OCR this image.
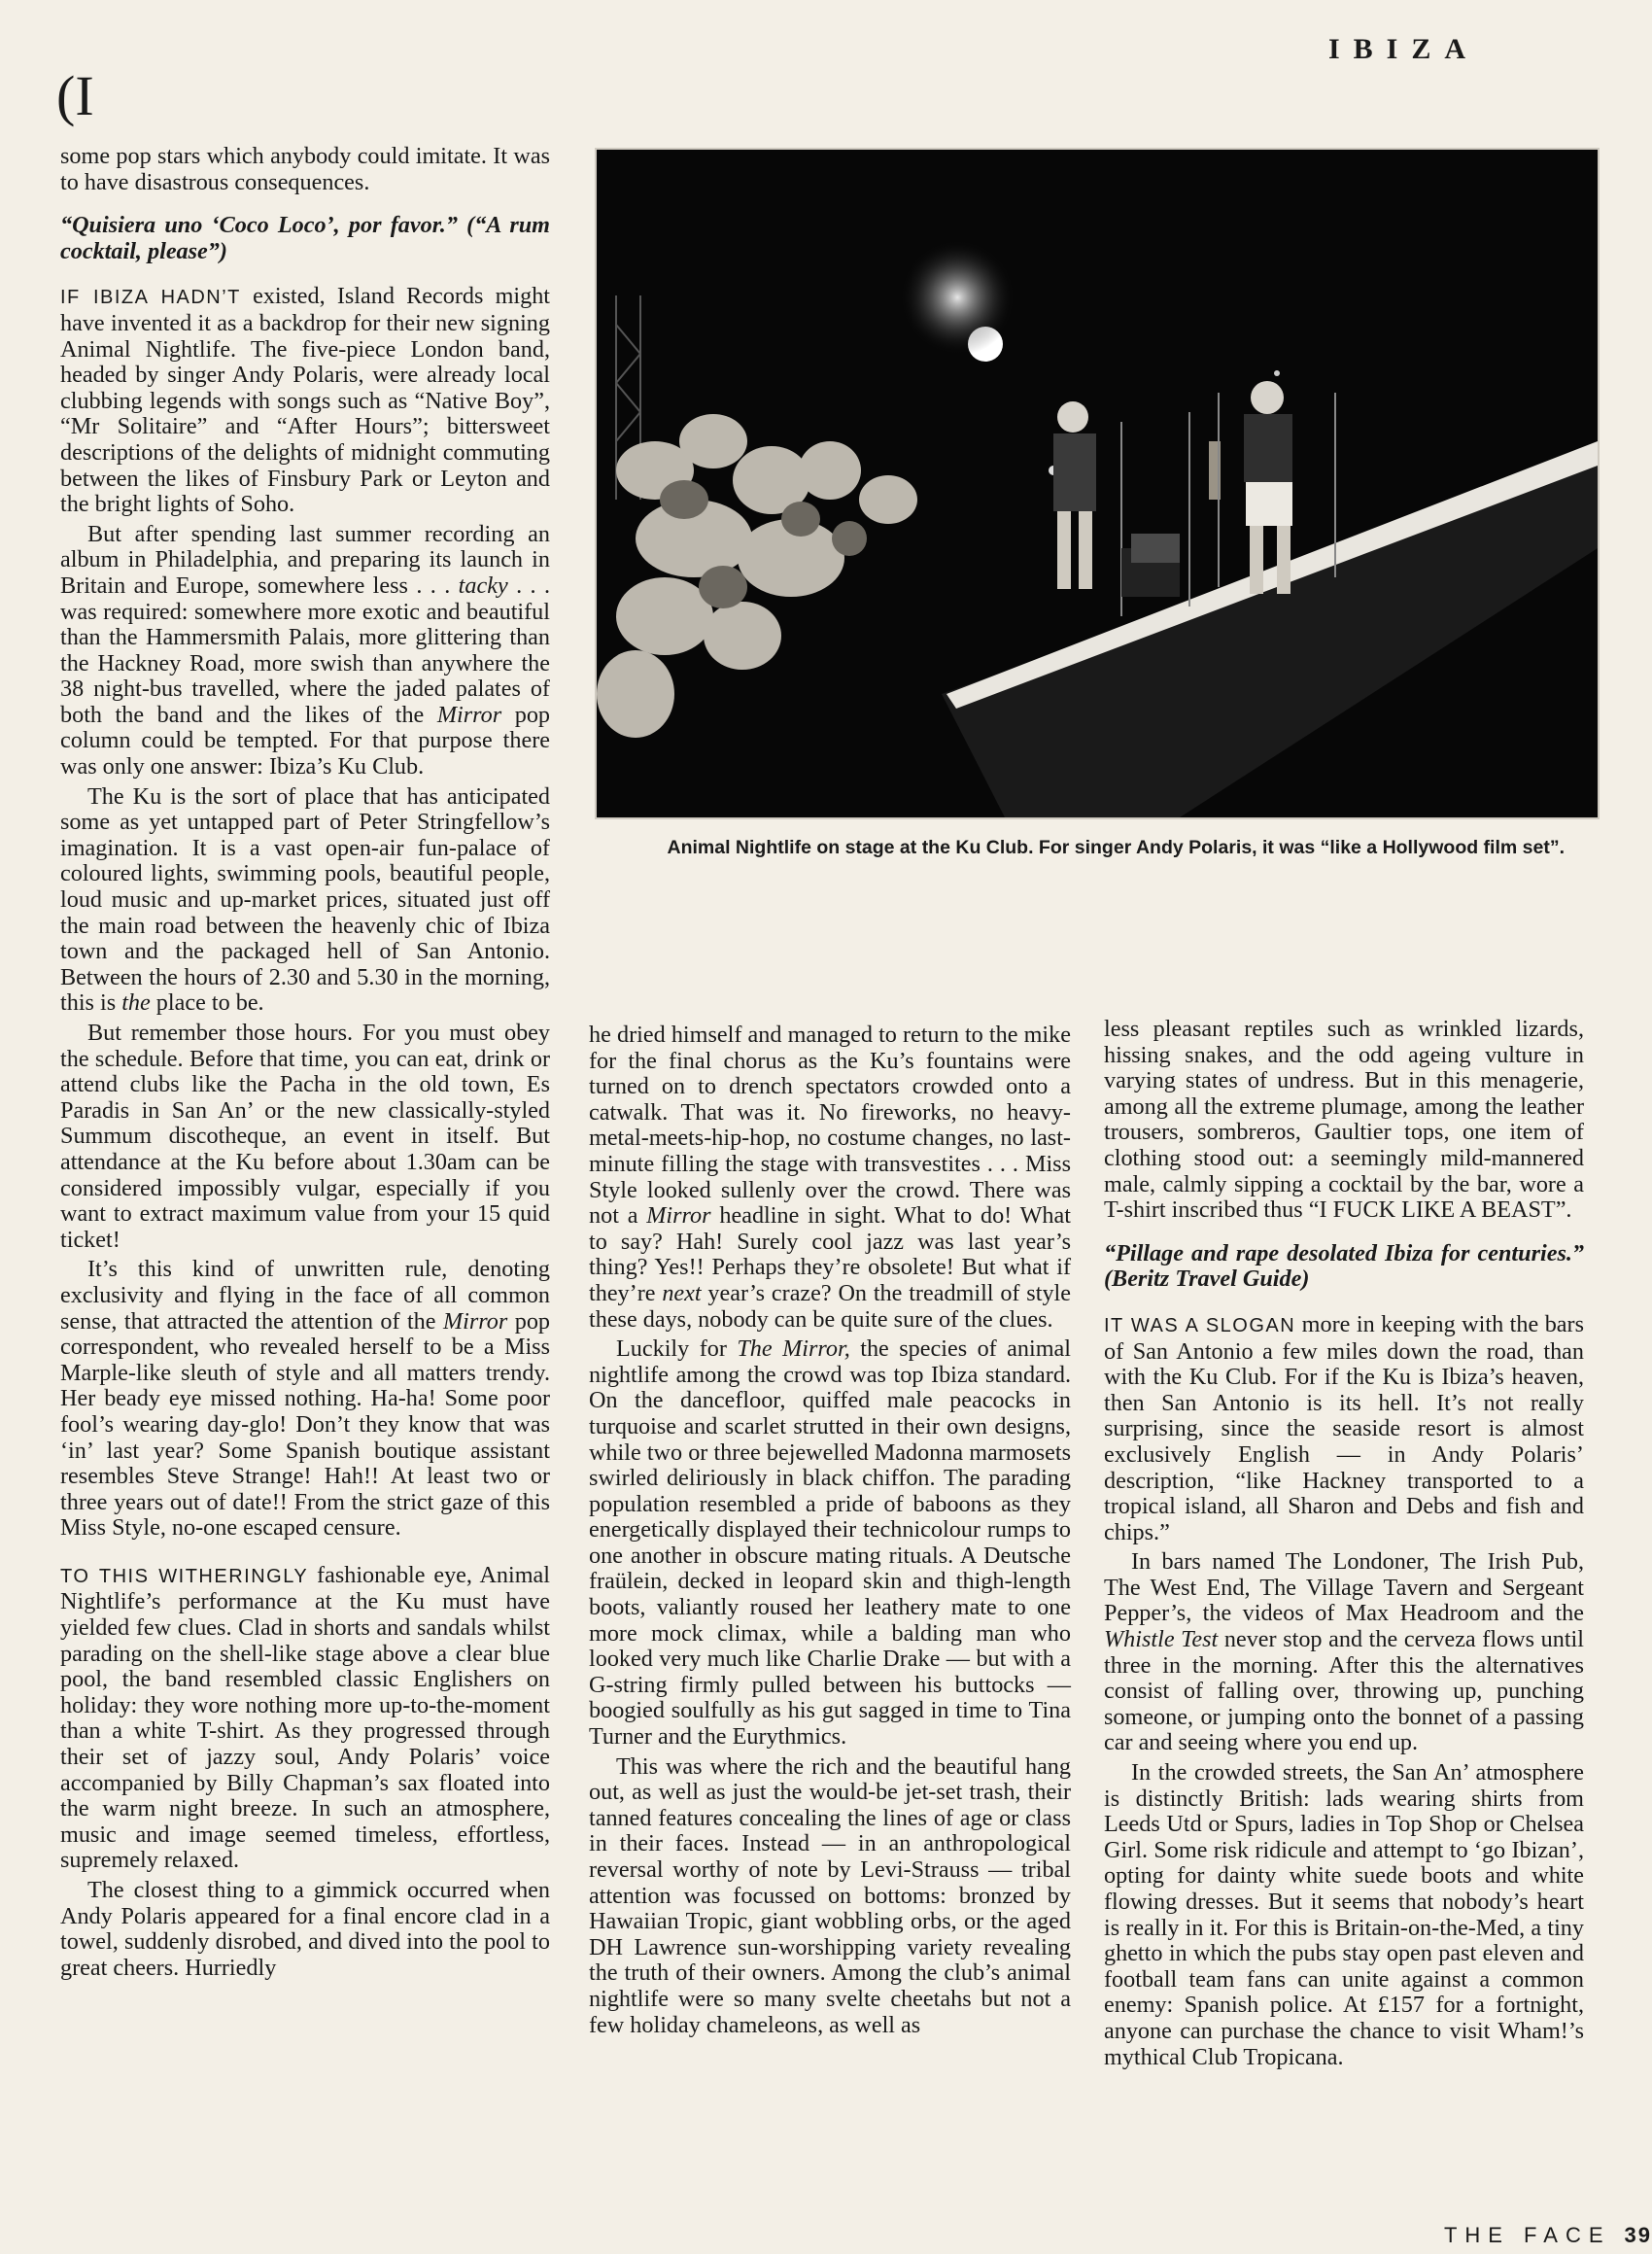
IBIZA
(I

some pop stars which anybody could imitate. It was to have disastrous consequences.

“Quisiera uno ‘Coco Loco’, por favor.” (“A rum cocktail, please”)

IF IBIZA HADN’T existed, Island Records might have invented it as a backdrop for their new signing Animal Nightlife. The five-piece London band, headed by singer Andy Polaris, were already local clubbing legends with songs such as “Native Boy”, “Mr Solitaire” and “After Hours”; bittersweet descriptions of the delights of midnight commuting between the likes of Finsbury Park or Leyton and the bright lights of Soho.

But after spending last summer recording an album in Philadelphia, and preparing its launch in Britain and Europe, somewhere less . . . tacky . . . was required: somewhere more exotic and beautiful than the Hammersmith Palais, more glittering than the Hackney Road, more swish than anywhere the 38 night-bus travelled, where the jaded palates of both the band and the likes of the Mirror pop column could be tempted. For that purpose there was only one answer: Ibiza’s Ku Club.

The Ku is the sort of place that has anticipated some as yet untapped part of Peter Stringfellow’s imagination. It is a vast open-air fun-palace of coloured lights, swimming pools, beautiful people, loud music and up-market prices, situated just off the main road between the heavenly chic of Ibiza town and the packaged hell of San Antonio. Between the hours of 2.30 and 5.30 in the morning, this is the place to be.

But remember those hours. For you must obey the schedule. Before that time, you can eat, drink or attend clubs like the Pacha in the old town, Es Paradis in San An’ or the new classically-styled Summum discotheque, an event in itself. But attendance at the Ku before about 1.30am can be considered impossibly vulgar, especially if you want to extract maximum value from your 15 quid ticket!

It’s this kind of unwritten rule, denoting exclusivity and flying in the face of all common sense, that attracted the attention of the Mirror pop correspondent, who revealed herself to be a Miss Marple-like sleuth of style and all matters trendy. Her beady eye missed nothing. Ha-ha! Some poor fool’s wearing day-glo! Don’t they know that was ‘in’ last year? Some Spanish boutique assistant resembles Steve Strange! Hah!! At least two or three years out of date!! From the strict gaze of this Miss Style, no-one escaped censure.

TO THIS WITHERINGLY fashionable eye, Animal Nightlife’s performance at the Ku must have yielded few clues. Clad in shorts and sandals whilst parading on the shell-like stage above a clear blue pool, the band resembled classic Englishers on holiday: they wore nothing more up-to-the-moment than a white T-shirt. As they progressed through their set of jazzy soul, Andy Polaris’ voice accompanied by Billy Chapman’s sax floated into the warm night breeze. In such an atmosphere, music and image seemed timeless, effortless, supremely relaxed.

The closest thing to a gimmick occurred when Andy Polaris appeared for a final encore clad in a towel, suddenly disrobed, and dived into the pool to great cheers. Hurriedly

Animal Nightlife on stage at the Ku Club. For singer Andy Polaris, it was “like a Hollywood film set”.

he dried himself and managed to return to the mike for the final chorus as the Ku’s fountains were turned on to drench spectators crowded onto a catwalk. That was it. No fireworks, no heavy-metal-meets-hip-hop, no costume changes, no last-minute filling the stage with transvestites . . . Miss Style looked sullenly over the crowd. There was not a Mirror headline in sight. What to do! What to say? Hah! Surely cool jazz was last year’s thing? Yes!! Perhaps they’re obsolete! But what if they’re next year’s craze? On the treadmill of style these days, nobody can be quite sure of the clues.

Luckily for The Mirror, the species of animal nightlife among the crowd was top Ibiza standard. On the dancefloor, quiffed male peacocks in turquoise and scarlet strutted in their own designs, while two or three bejewelled Madonna marmosets swirled deliriously in black chiffon. The parading population resembled a pride of baboons as they energetically displayed their technicolour rumps to one another in obscure mating rituals. A Deutsche fraülein, decked in leopard skin and thigh-length boots, valiantly roused her leathery mate to one more mock climax, while a balding man who looked very much like Charlie Drake — but with a G-string firmly pulled between his buttocks — boogied soulfully as his gut sagged in time to Tina Turner and the Eurythmics.

This was where the rich and the beautiful hang out, as well as just the would-be jet-set trash, their tanned features concealing the lines of age or class in their faces. Instead — in an anthropological reversal worthy of note by Levi-Strauss — tribal attention was focussed on bottoms: bronzed by Hawaiian Tropic, giant wobbling orbs, or the aged DH Lawrence sun-worshipping variety revealing the truth of their owners. Among the club’s animal nightlife were so many svelte cheetahs but not a few holiday chameleons, as well as

less pleasant reptiles such as wrinkled lizards, hissing snakes, and the odd ageing vulture in varying states of undress. But in this menagerie, among all the extreme plumage, among the leather trousers, sombreros, Gaultier tops, one item of clothing stood out: a seemingly mild-mannered male, calmly sipping a cocktail by the bar, wore a T-shirt inscribed thus “I FUCK LIKE A BEAST”.

“Pillage and rape desolated Ibiza for centuries.” (Beritz Travel Guide)

IT WAS A SLOGAN more in keeping with the bars of San Antonio a few miles down the road, than with the Ku Club. For if the Ku is Ibiza’s heaven, then San Antonio is its hell. It’s not really surprising, since the seaside resort is almost exclusively English — in Andy Polaris’ description, “like Hackney transported to a tropical island, all Sharon and Debs and fish and chips.”

In bars named The Londoner, The Irish Pub, The West End, The Village Tavern and Sergeant Pepper’s, the videos of Max Headroom and the Whistle Test never stop and the cerveza flows until three in the morning. After this the alternatives consist of falling over, throwing up, punching someone, or jumping onto the bonnet of a passing car and seeing where you end up.

In the crowded streets, the San An’ atmosphere is distinctly British: lads wearing shirts from Leeds Utd or Spurs, ladies in Top Shop or Chelsea Girl. Some risk ridicule and attempt to ‘go Ibizan’, opting for dainty white suede boots and white flowing dresses. But it seems that nobody’s heart is really in it. For this is Britain-on-the-Med, a tiny ghetto in which the pubs stay open past eleven and football team fans can unite against a common enemy: Spanish police. At £157 for a fortnight, anyone can purchase the chance to visit Wham!’s mythical Club Tropicana.

THE FACE 39
